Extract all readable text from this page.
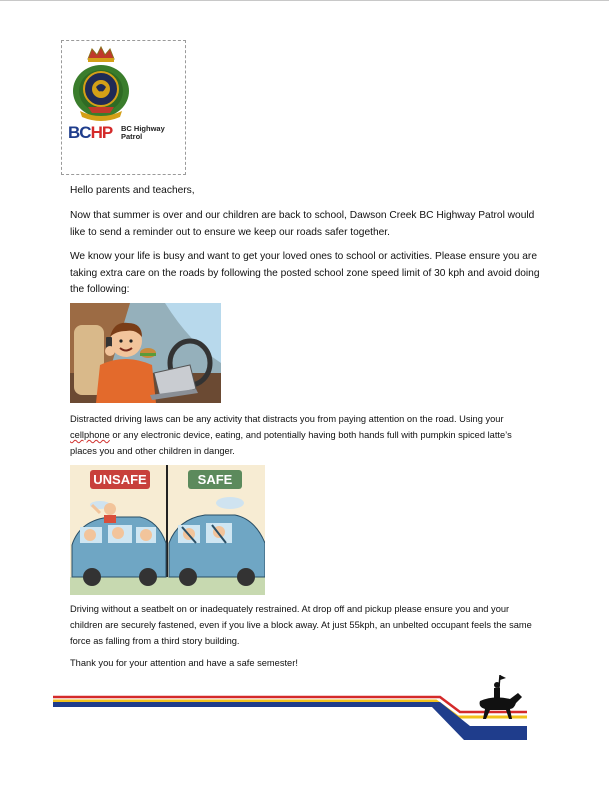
BCHP BC Highway
Patrol
Hello parents and teachers,
Now that summer is over and our children are back to school, Dawson Creek BC Highway Patrol would like to send a reminder out to ensure we keep our roads safer together.
We know your life is busy and want to get your loved ones to school or activities. Please ensure you are taking extra care on the roads by following the posted school zone speed limit of 30 kph and avoid doing the following:
Distracted driving laws can be any activity that distracts you from paying attention on the road. Using your cellphone or any electronic device, eating, and potentially having both hands full with pumpkin spiced latte’s places you and other children in danger.
UNSAFE	SAFE
Driving without a seatbelt on or inadequately restrained. At drop off and pickup please ensure you and your children are securely fastened, even if you live a block away. At just 55kph, an unbelted occupant feels the same force as falling from a third story building.
Thank you for your attention and have a safe semester!
